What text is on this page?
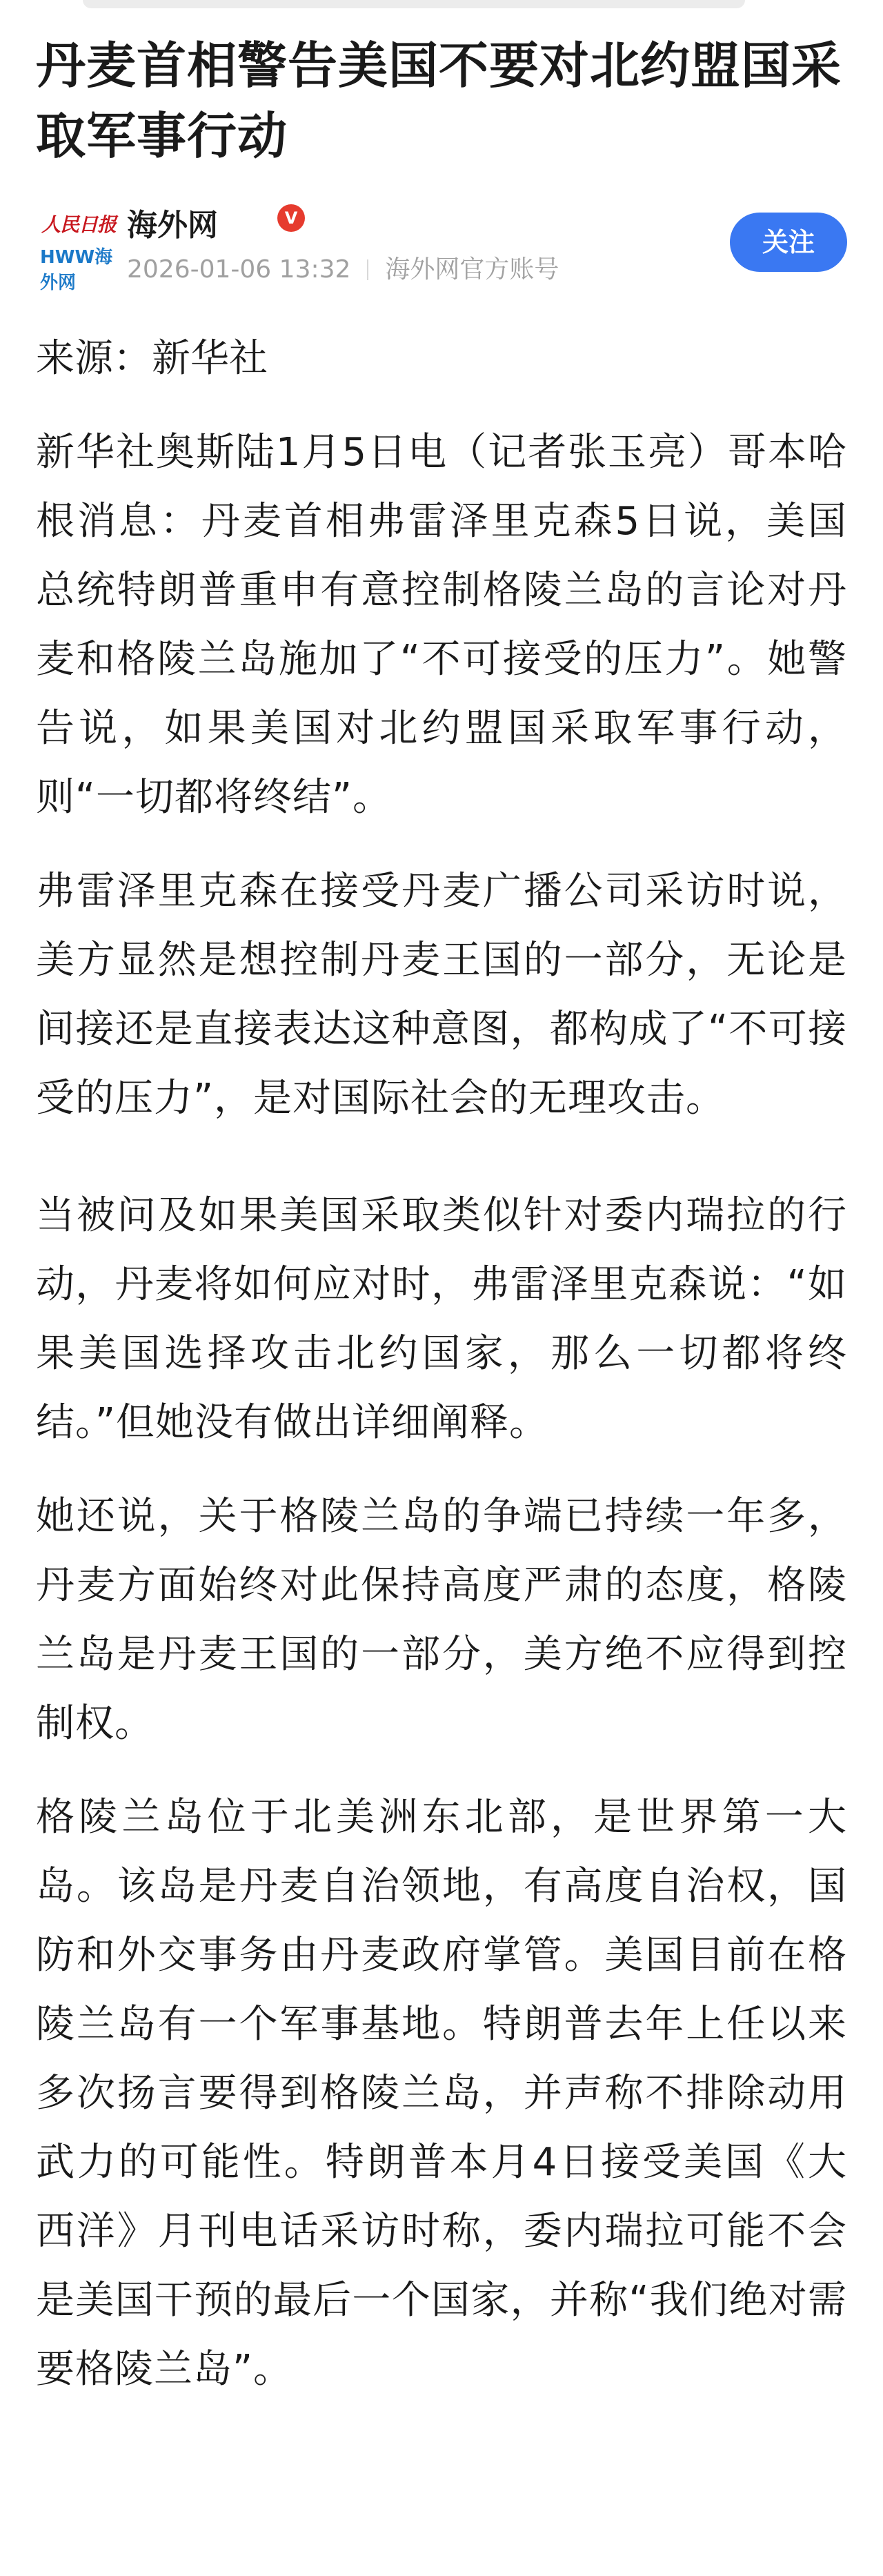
丹麦首相警告美国不要对北约盟国采取军事行动
人民日报
HWW海外网
海外网	V
2026-01-06 13:32 海外网官方账号
关注

来源：新华社

新华社奥斯陆1月5日电（记者张玉亮）哥本哈根消息：丹麦首相弗雷泽里克森5日说，美国总统特朗普重申有意控制格陵兰岛的言论对丹麦和格陵兰岛施加了“不可接受的压力”。她警告说，如果美国对北约盟国采取军事行动，则“一切都将终结”。

弗雷泽里克森在接受丹麦广播公司采访时说，美方显然是想控制丹麦王国的一部分，无论是间接还是直接表达这种意图，都构成了“不可接受的压力”，是对国际社会的无理攻击。

当被问及如果美国采取类似针对委内瑞拉的行动，丹麦将如何应对时，弗雷泽里克森说：“如果美国选择攻击北约国家，那么一切都将终结。”但她没有做出详细阐释。

她还说，关于格陵兰岛的争端已持续一年多，丹麦方面始终对此保持高度严肃的态度，格陵兰岛是丹麦王国的一部分，美方绝不应得到控制权。

格陵兰岛位于北美洲东北部，是世界第一大岛。该岛是丹麦自治领地，有高度自治权，国防和外交事务由丹麦政府掌管。美国目前在格陵兰岛有一个军事基地。特朗普去年上任以来多次扬言要得到格陵兰岛，并声称不排除动用武力的可能性。特朗普本月4日接受美国《大西洋》月刊电话采访时称，委内瑞拉可能不会是美国干预的最后一个国家，并称“我们绝对需要格陵兰岛”。
